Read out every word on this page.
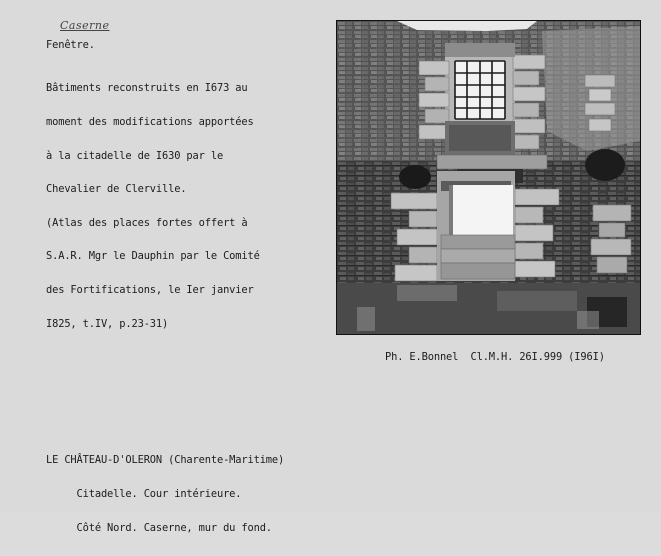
Caserne
Fenêtre.

Bâtiments reconstruits en I673 au

moment des modifications apportées

à la citadelle de I630 par le

Chevalier de Clerville.

(Atlas des places fortes offert à

S.A.R. Mgr le Dauphin par le Comité

des Fortifications, le Ier janvier

I825, t.IV, p.23-31)

Ph. E.Bonnel  Cl.M.H. 26I.999 (I96I)

LE CHÂTEAU-D'OLERON (Charente-Maritime)

Citadelle. Cour intérieure.

Côté Nord. Caserne, mur du fond.
